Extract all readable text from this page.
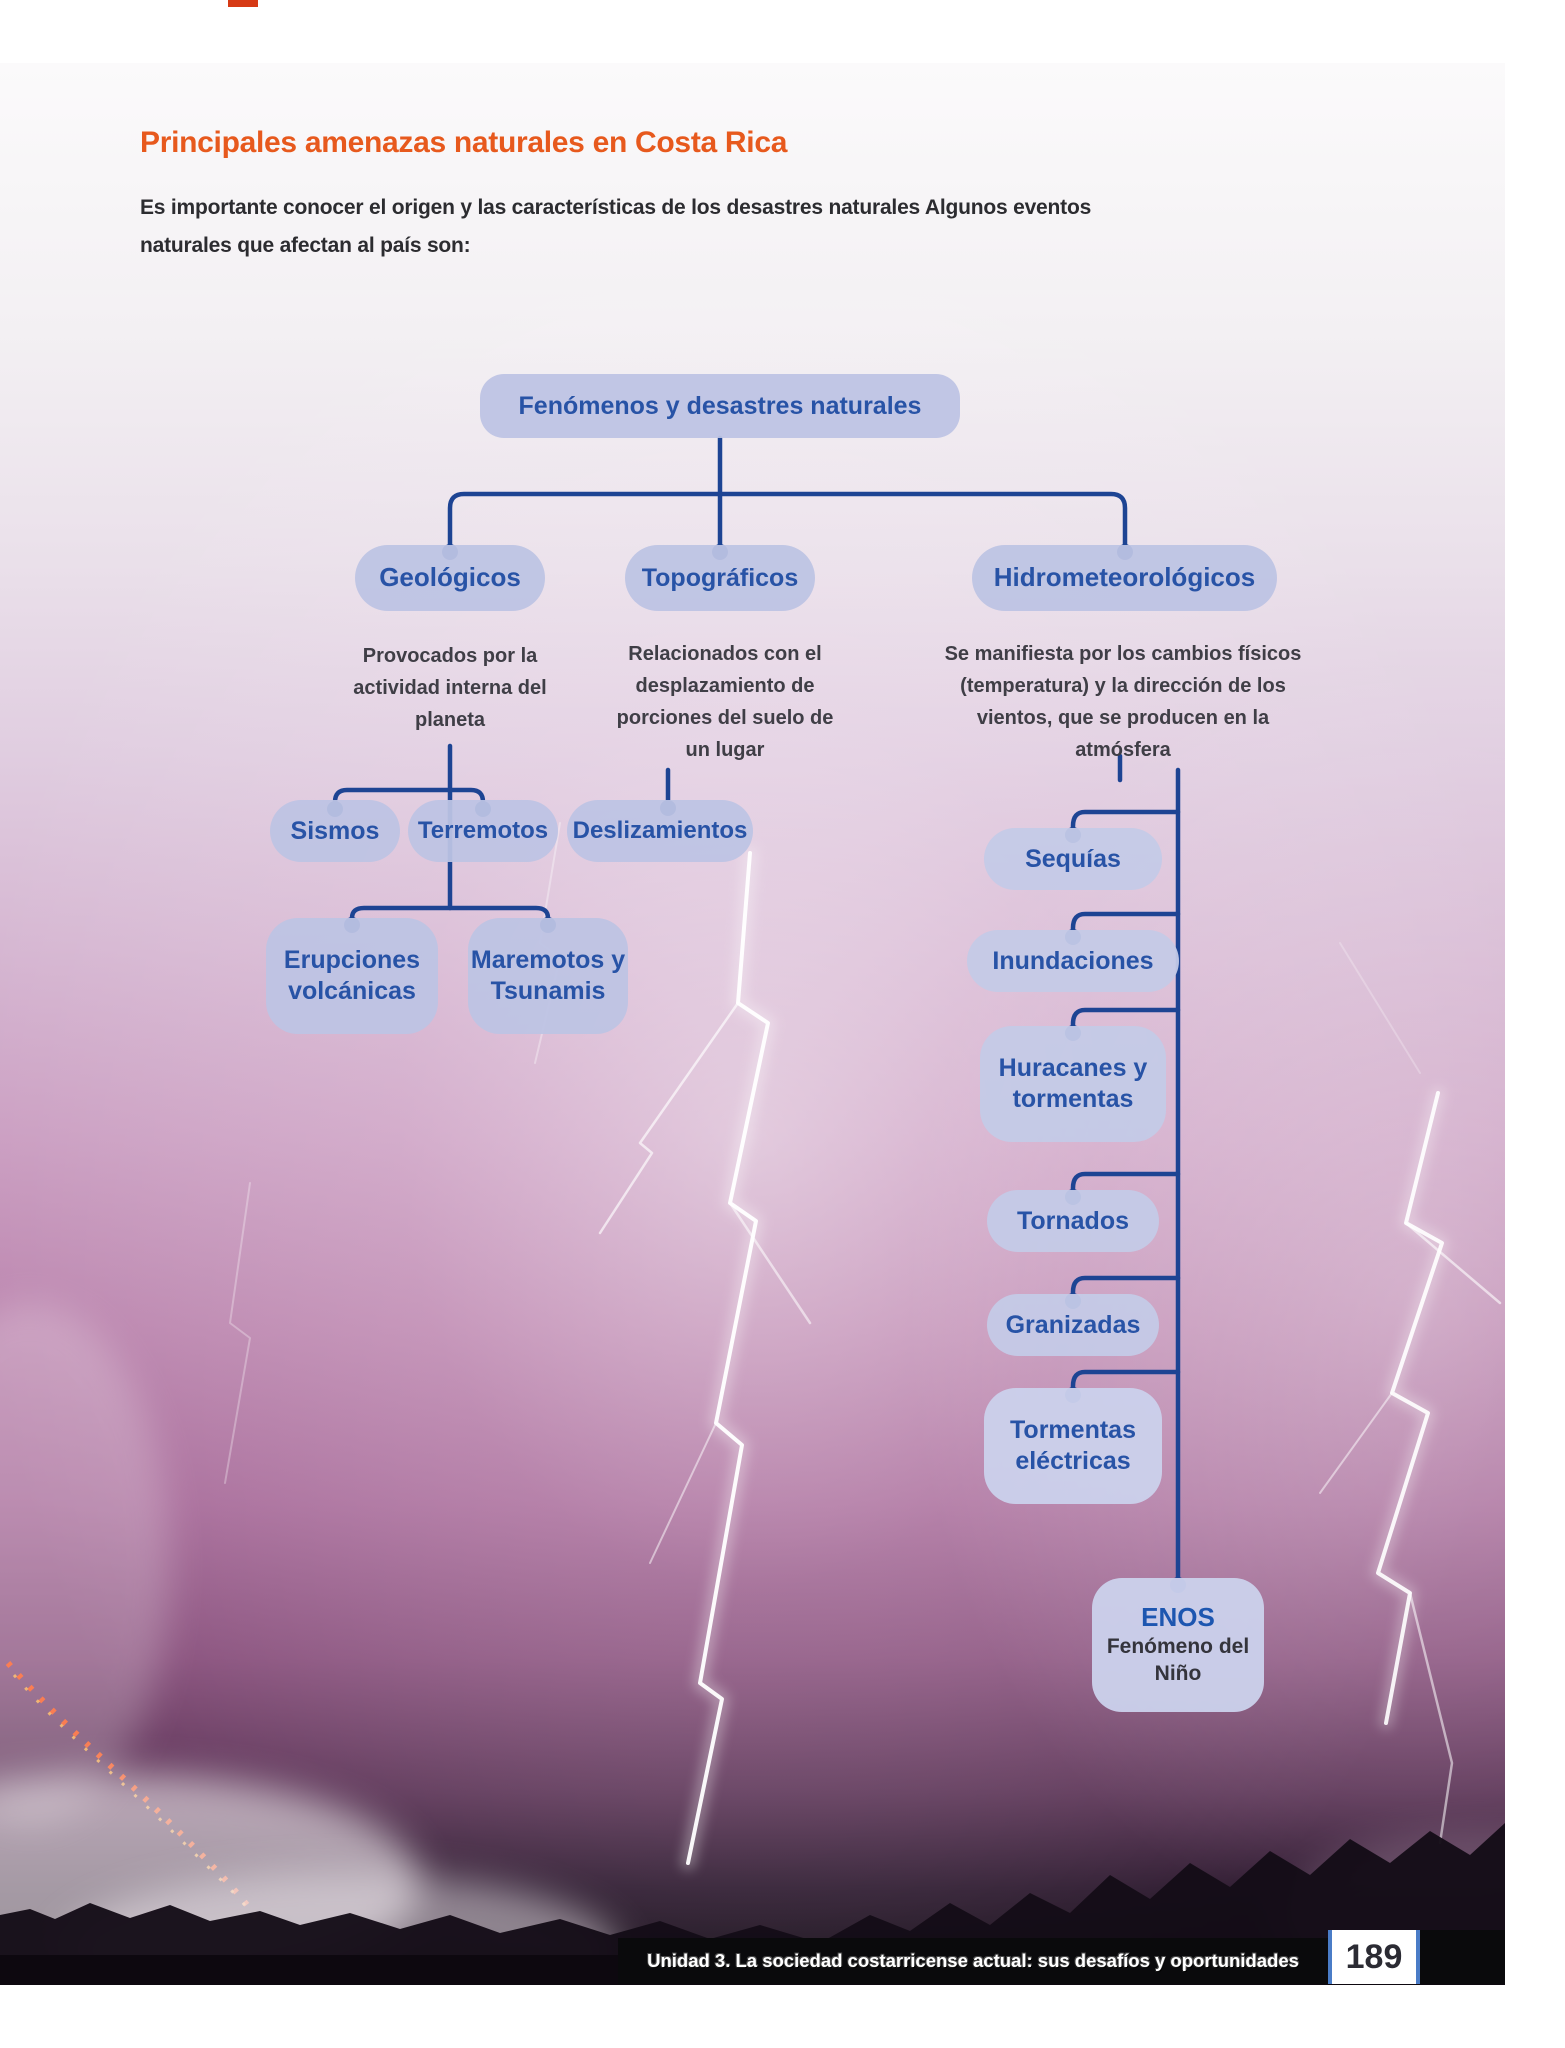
Principales amenazas naturales en Costa Rica
Es importante conocer el origen y las características de los desastres naturales Algunos eventos
naturales que afectan al país son:
Fenómenos y desastres naturales
Geológicos	Topográficos	Hidrometeorológicos
Provocados por la actividad interna del planeta
Relacionados con el desplazamiento de porciones del suelo de un lugar
Se manifiesta por los cambios físicos (temperatura) y la dirección de los vientos, que se producen en la atmósfera
Sismos	Terremotos
Erupciones volcánicas
Maremotos y Tsunamis
Deslizamientos
Sequías
Inundaciones
Huracanes y tormentas
Tornados
Granizadas
Tormentas eléctricas
ENOS
Fenómeno del Niño
Unidad 3. La sociedad costarricense actual: sus desafíos y oportunidades	189
